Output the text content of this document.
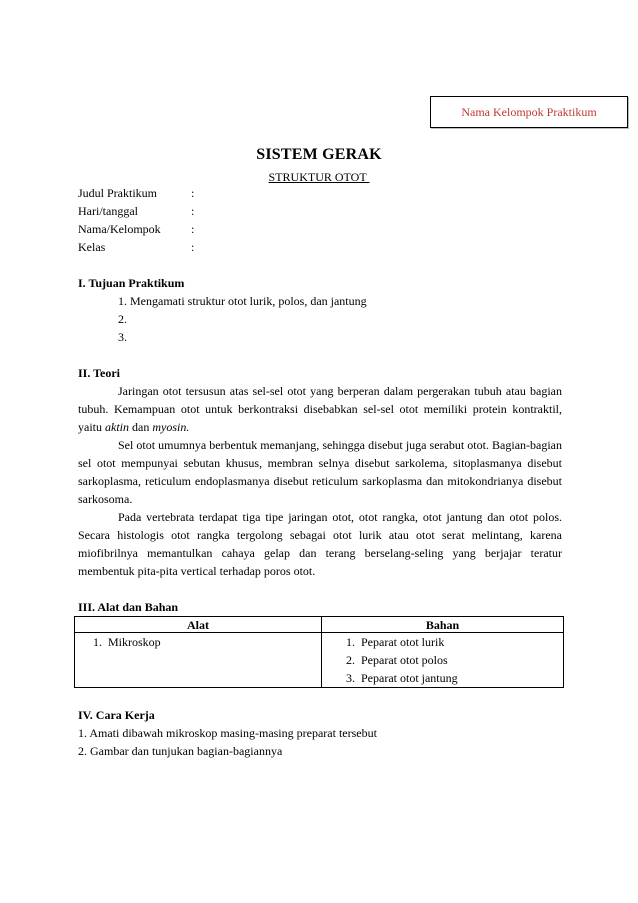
Nama Kelompok Praktikum
SISTEM GERAK
STRUKTUR OTOT
Judul Praktikum	:
Hari/tanggal	:
Nama/Kelompok	:
Kelas	:
I. Tujuan Praktikum
1. Mengamati struktur otot lurik, polos, dan jantung
2.
3.
II. Teori

Jaringan otot tersusun atas sel-sel otot yang berperan dalam pergerakan tubuh atau bagian tubuh. Kemampuan otot untuk berkontraksi disebabkan sel-sel otot memiliki protein kontraktil, yaitu aktin dan myosin.

Sel otot umumnya berbentuk memanjang, sehingga disebut juga serabut otot. Bagian-bagian sel otot mempunyai sebutan khusus, membran selnya disebut sarkolema, sitoplasmanya disebut sarkoplasma, reticulum endoplasmanya disebut reticulum sarkoplasma dan mitokondrianya disebut sarkosoma.

Pada vertebrata terdapat tiga tipe jaringan otot, otot rangka, otot jantung dan otot polos. Secara histologis otot rangka tergolong sebagai otot lurik atau otot serat melintang, karena miofibrilnya memantulkan cahaya gelap dan terang berselang-seling yang berjajar teratur membentuk pita-pita vertical terhadap poros otot.

III. Alat dan Bahan
Alat	Bahan

1.  Mikroskop	1.  Peparat otot lurik
2.  Peparat otot polos
3.  Peparat otot jantung
IV. Cara Kerja
1. Amati dibawah mikroskop masing-masing preparat tersebut
2. Gambar dan tunjukan bagian-bagiannya
